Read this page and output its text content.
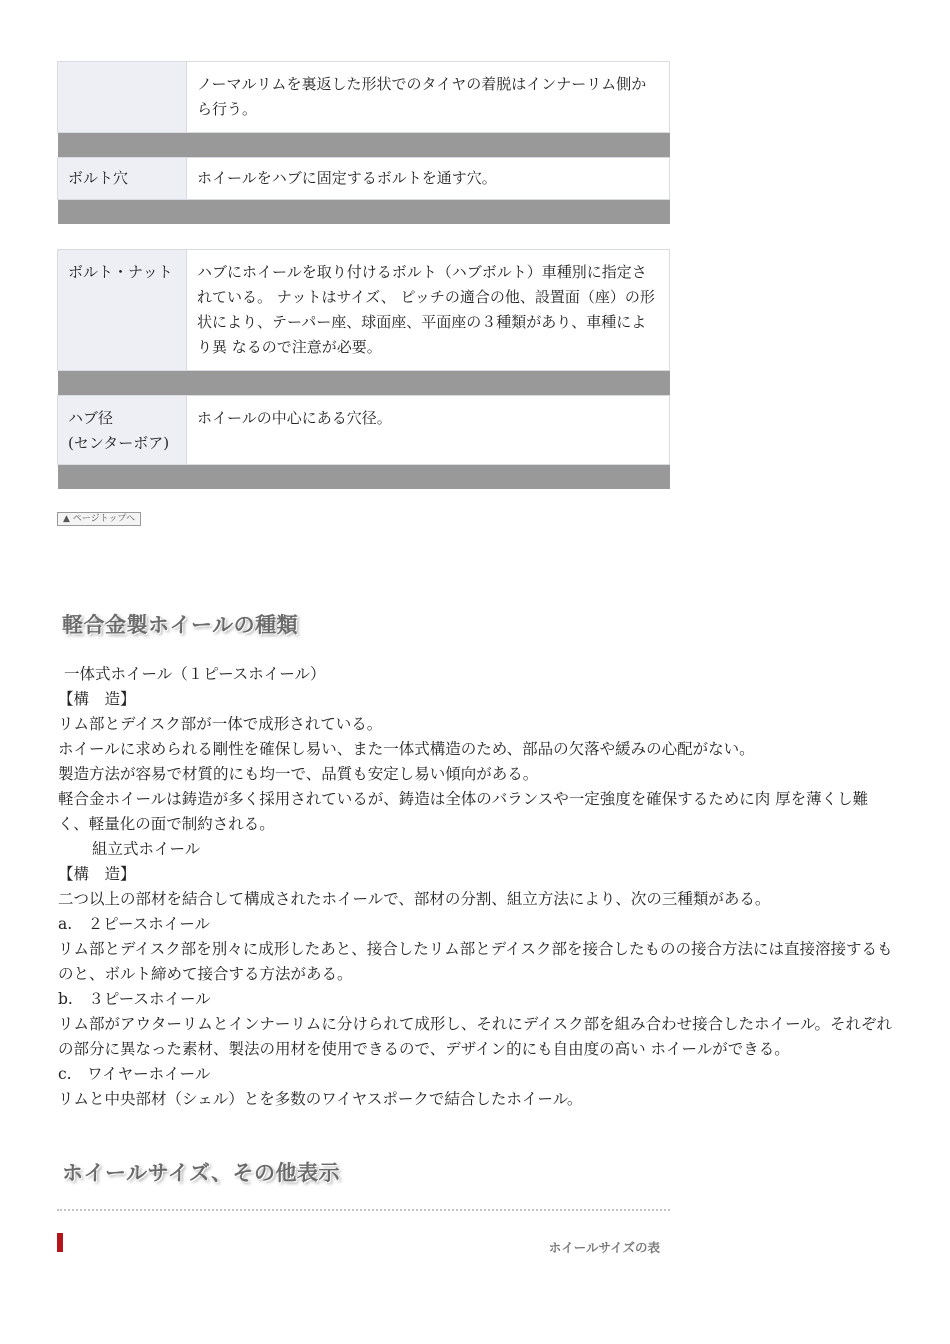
	ノーマルリムを裏返した形状でのタイヤの着脱はインナーリム側から行う。

ボルト穴	ホイールをハブに固定するボルトを通す穴。

ボルト・ナット	ハブにホイールを取り付けるボルト（ハブボルト）車種別に指定されている。 ナットはサイズ、 ピッチの適合の他、設置面（座）の形状により、テーパー座、球面座、平面座の３種類があり、車種により異 なるので注意が必要。

ハブ径
(センターボア)	ホイールの中心にある穴径。

▲ ページトップへ
軽合金製ホイールの種類

一体式ホイール（１ピースホイール）

【構　造】

リム部とデイスク部が一体で成形されている。

ホイールに求められる剛性を確保し易い、また一体式構造のため、部品の欠落や緩みの心配がない。

製造方法が容易で材質的にも均一で、品質も安定し易い傾向がある。

軽合金ホイールは鋳造が多く採用されているが、鋳造は全体のバランスや一定強度を確保するために肉 厚を薄くし難く、軽量化の面で制約される。

組立式ホイール

【構　造】

二つ以上の部材を結合して構成されたホイールで、部材の分割、組立方法により、次の三種類がある。

a.　２ピースホイール

リム部とデイスク部を別々に成形したあと、接合したリム部とデイスク部を接合したものの接合方法には直接溶接するものと、ボルト締めて接合する方法がある。

b.　３ピースホイール

リム部がアウターリムとインナーリムに分けられて成形し、それにデイスク部を組み合わせ接合したホイール。それぞれの部分に異なった素材、製法の用材を使用できるので、デザイン的にも自由度の高い ホイールができる。

c.　ワイヤーホイール

リムと中央部材（シェル）とを多数のワイヤスポークで結合したホイール。

ホイールサイズ、その他表示
ホイールサイズの表
